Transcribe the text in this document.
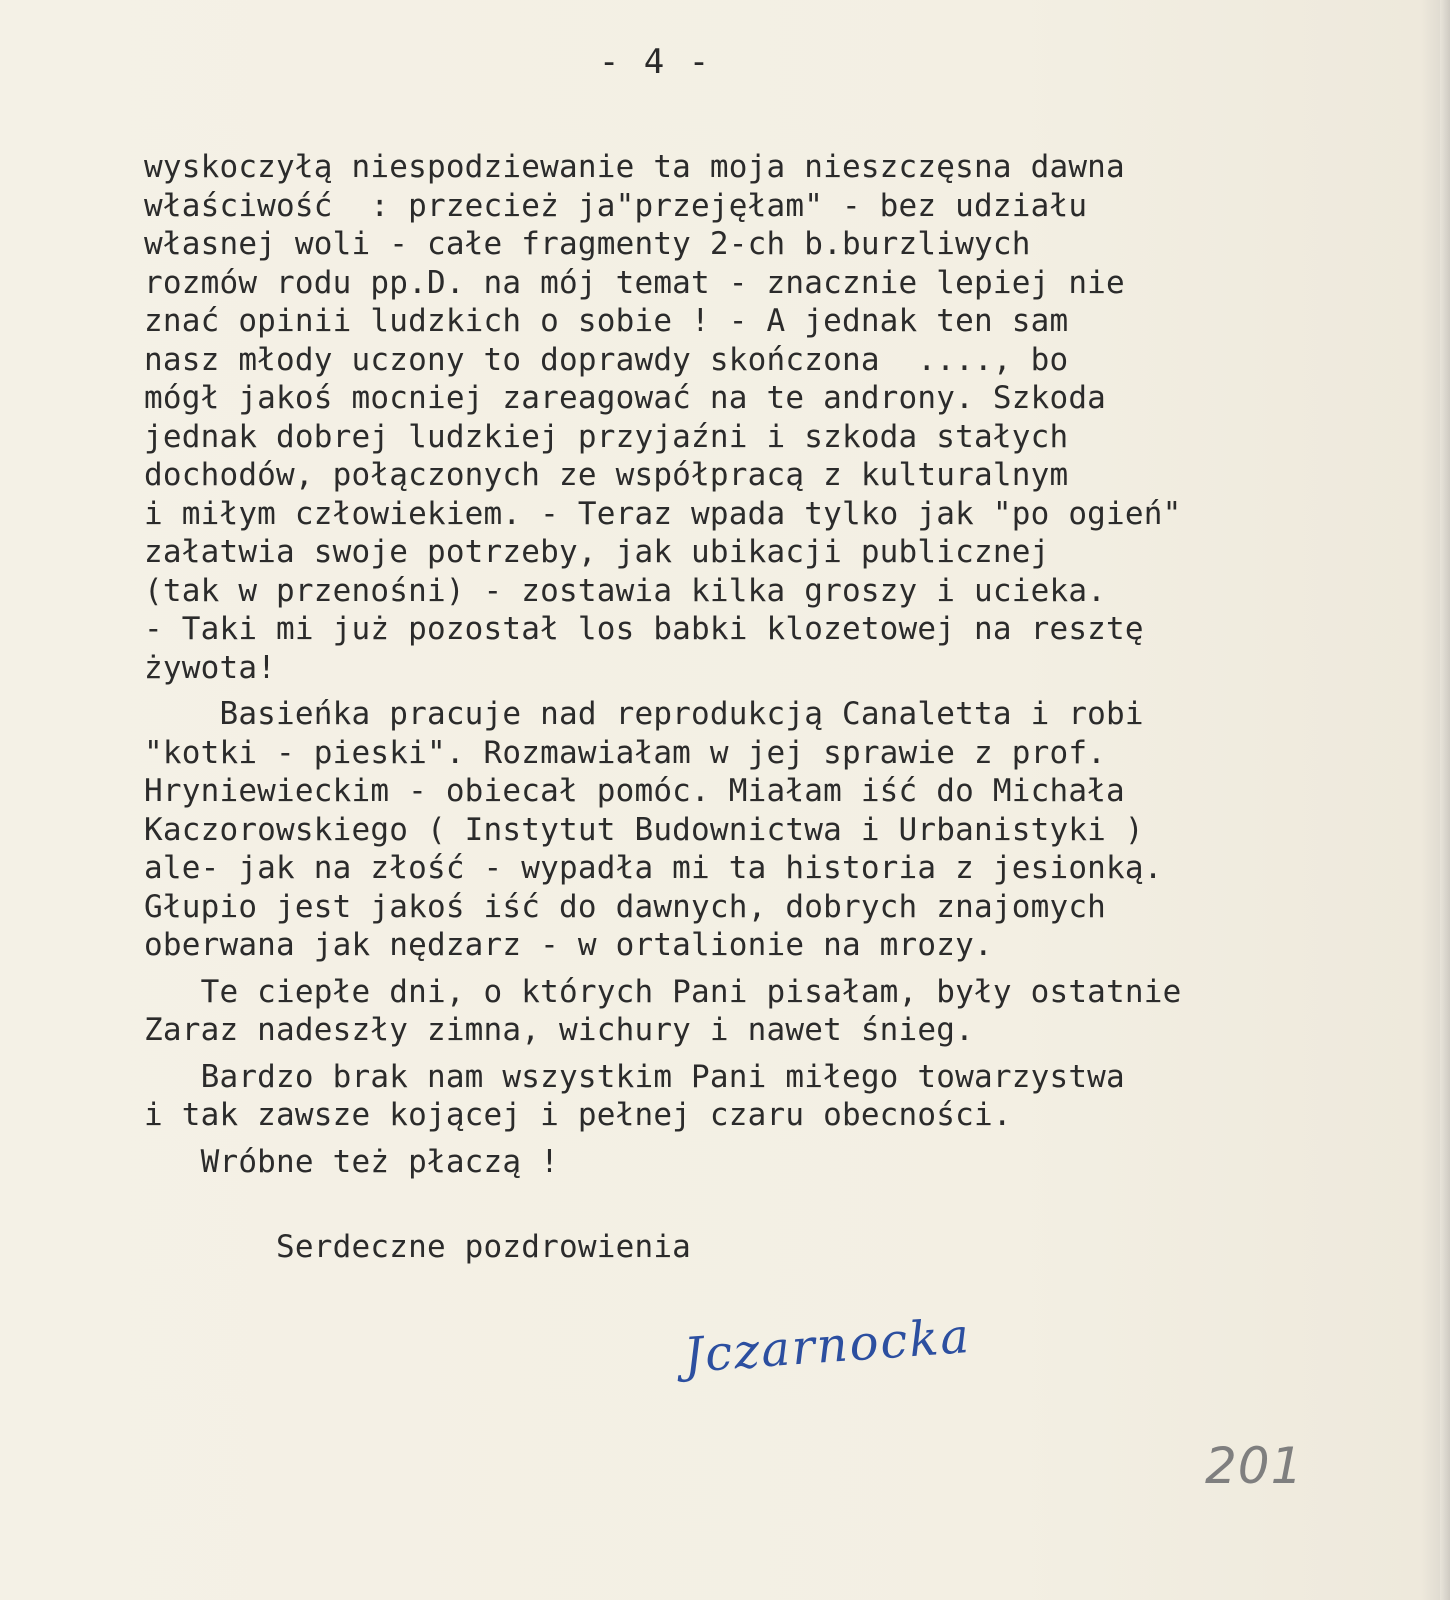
- 4 -
wyskoczyłą niespodziewanie ta moja nieszczęsna dawna
właściwość  : przecież ja"przejęłam" - bez udziału
własnej woli - całe fragmenty 2-ch b.burzliwych
rozmów rodu pp.D. na mój temat - znacznie lepiej nie
znać opinii ludzkich o sobie ! - A jednak ten sam
nasz młody uczony to doprawdy skończona  ...., bo
mógł jakoś mocniej zareagować na te androny. Szkoda
jednak dobrej ludzkiej przyjaźni i szkoda stałych
dochodów, połączonych ze współpracą z kulturalnym
i miłym człowiekiem. - Teraz wpada tylko jak "po ogień"
załatwia swoje potrzeby, jak ubikacji publicznej
(tak w przenośni) - zostawia kilka groszy i ucieka.
- Taki mi już pozostał los babki klozetowej na resztę
żywota!
Basieńka pracuje nad reprodukcją Canaletta i robi
"kotki - pieski". Rozmawiałam w jej sprawie z prof.
Hryniewieckim - obiecał pomóc. Miałam iść do Michała
Kaczorowskiego ( Instytut Budownictwa i Urbanistyki )
ale- jak na złość - wypadła mi ta historia z jesionką.
Głupio jest jakoś iść do dawnych, dobrych znajomych
oberwana jak nędzarz - w ortalionie na mrozy.
Te ciepłe dni, o których Pani pisałam, były ostatnie
Zaraz nadeszły zimna, wichury i nawet śnieg.
Bardzo brak nam wszystkim Pani miłego towarzystwa
i tak zawsze kojącej i pełnej czaru obecności.
Wróbne też płaczą !
Serdeczne pozdrowienia
Jczarnocka
201
